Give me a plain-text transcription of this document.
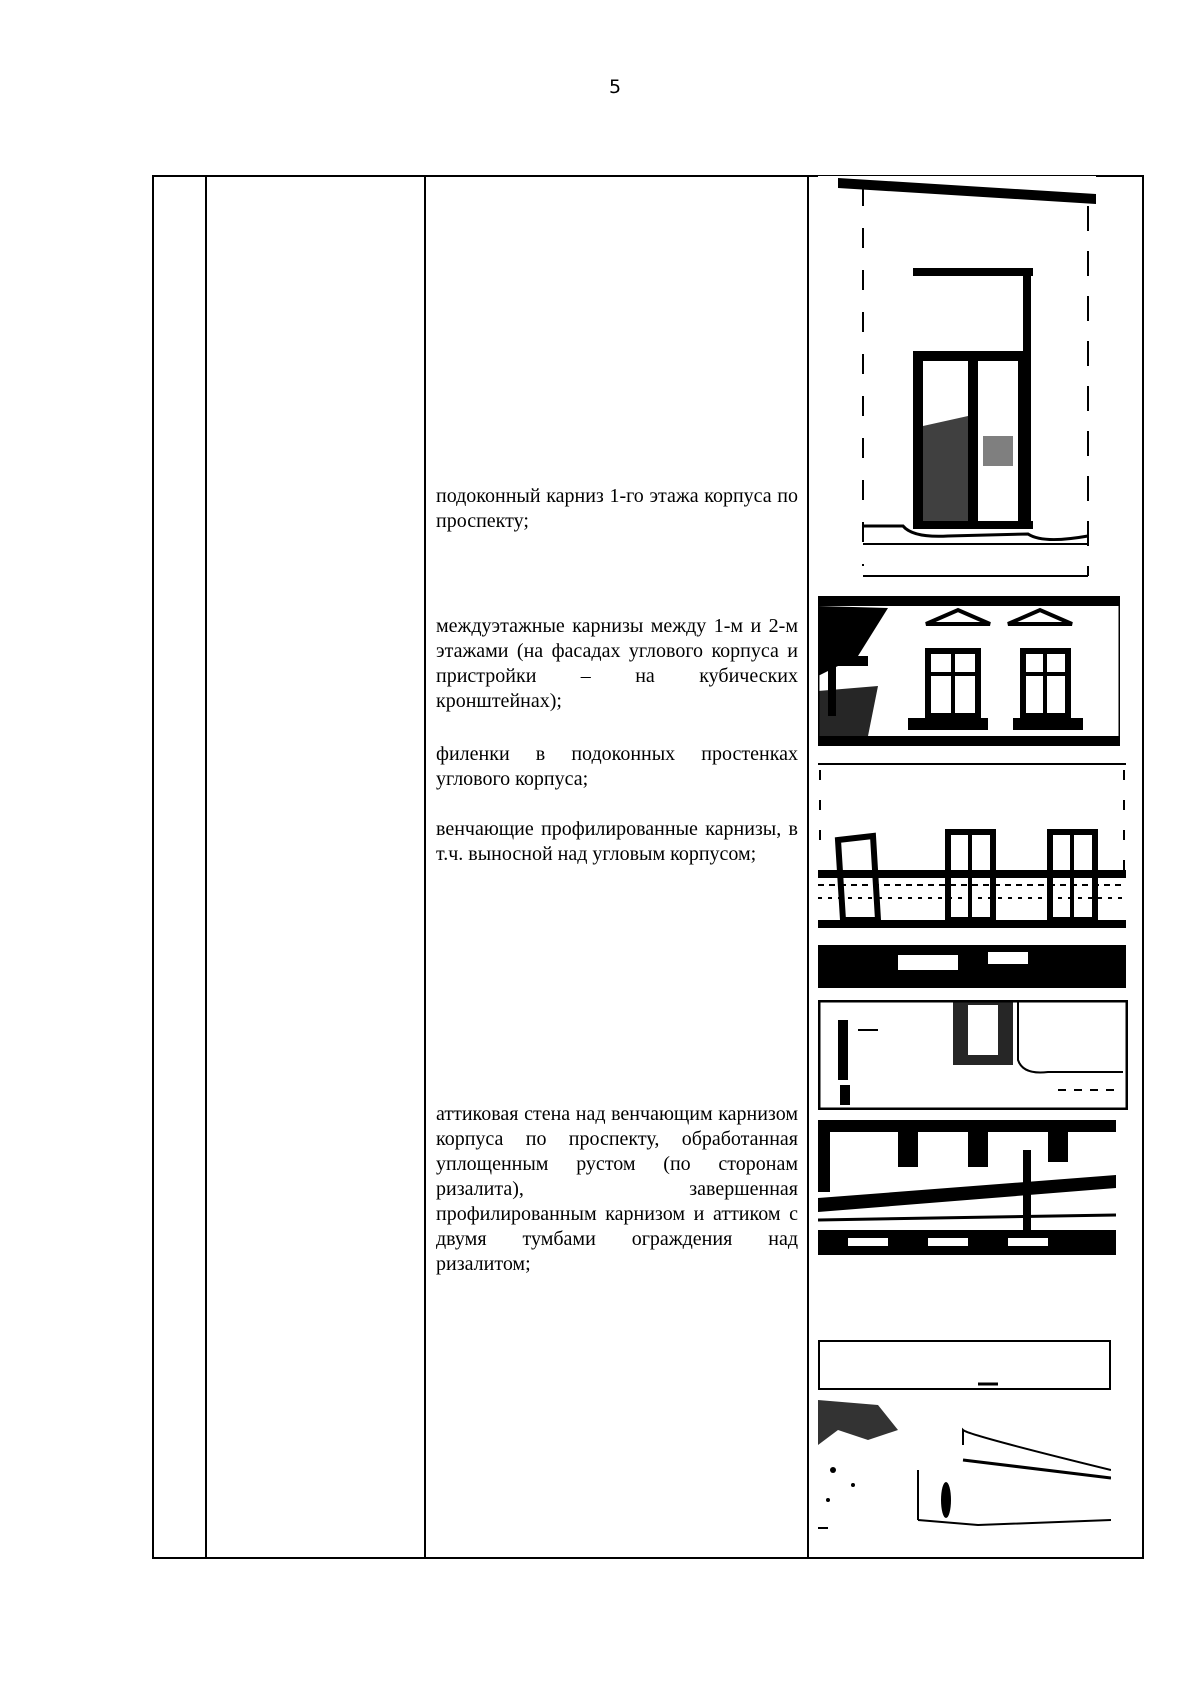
5
подоконный карниз 1-го этажа корпуса по проспекту;
междуэтажные карнизы между 1-м и 2-м этажами (на фасадах углового корпуса и пристройки – на кубических кронштейнах);
филенки в подоконных простенках углового корпуса;
венчающие профилированные карнизы, в т.ч. выносной над угловым корпусом;
аттиковая стена над венчающим карнизом корпуса по проспекту, обработанная уплощенным рустом (по сторонам ризалита), завершенная профилированным карнизом и аттиком с двумя тумбами ограждения над ризалитом;
